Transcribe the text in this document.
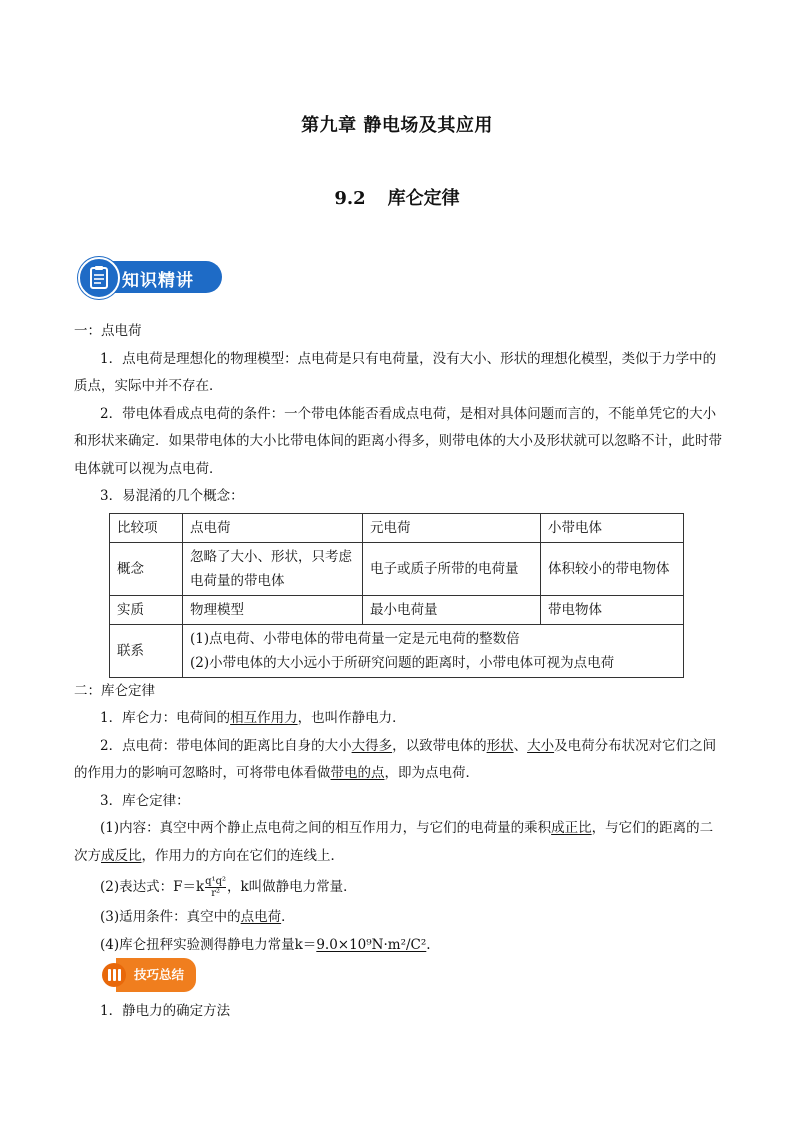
第九章 静电场及其应用
9.2 库仑定律
知识精讲

一：点电荷

1．点电荷是理想化的物理模型：点电荷是只有电荷量，没有大小、形状的理想化模型，类似于力学中的质点，实际中并不存在．

2．带电体看成点电荷的条件：一个带电体能否看成点电荷，是相对具体问题而言的，不能单凭它的大小和形状来确定．如果带电体的大小比带电体间的距离小得多，则带电体的大小及形状就可以忽略不计，此时带电体就可以视为点电荷．

3．易混淆的几个概念：

比较项	点电荷	元电荷	小带电体
概念	忽略了大小、形状，只考虑电荷量的带电体	电子或质子所带的电荷量	体积较小的带电物体
实质	物理模型	最小电荷量	带电物体
联系	(1)点电荷、小带电体的带电荷量一定是元电荷的整数倍
(2)小带电体的大小远小于所研究问题的距离时，小带电体可视为点电荷		

二：库仑定律

1．库仑力：电荷间的相互作用力，也叫作静电力．

2．点电荷：带电体间的距离比自身的大小大得多，以致带电体的形状、大小及电荷分布状况对它们之间的作用力的影响可忽略时，可将带电体看做带电的点，即为点电荷．

3．库仑定律：

(1)内容：真空中两个静止点电荷之间的相互作用力，与它们的电荷量的乘积成正比，与它们的距离的二次方成反比，作用力的方向在它们的连线上．

(2)表达式：$F=k \frac{\text{q¹q²}}{\text{r²}}$ ，k叫做静电力常量．

(3)适用条件：真空中的点电荷．

(4)库仑扭秤实验测得静电力常量k＝9.0×10⁹N·m²/C².

技巧总结

1．静电力的确定方法
